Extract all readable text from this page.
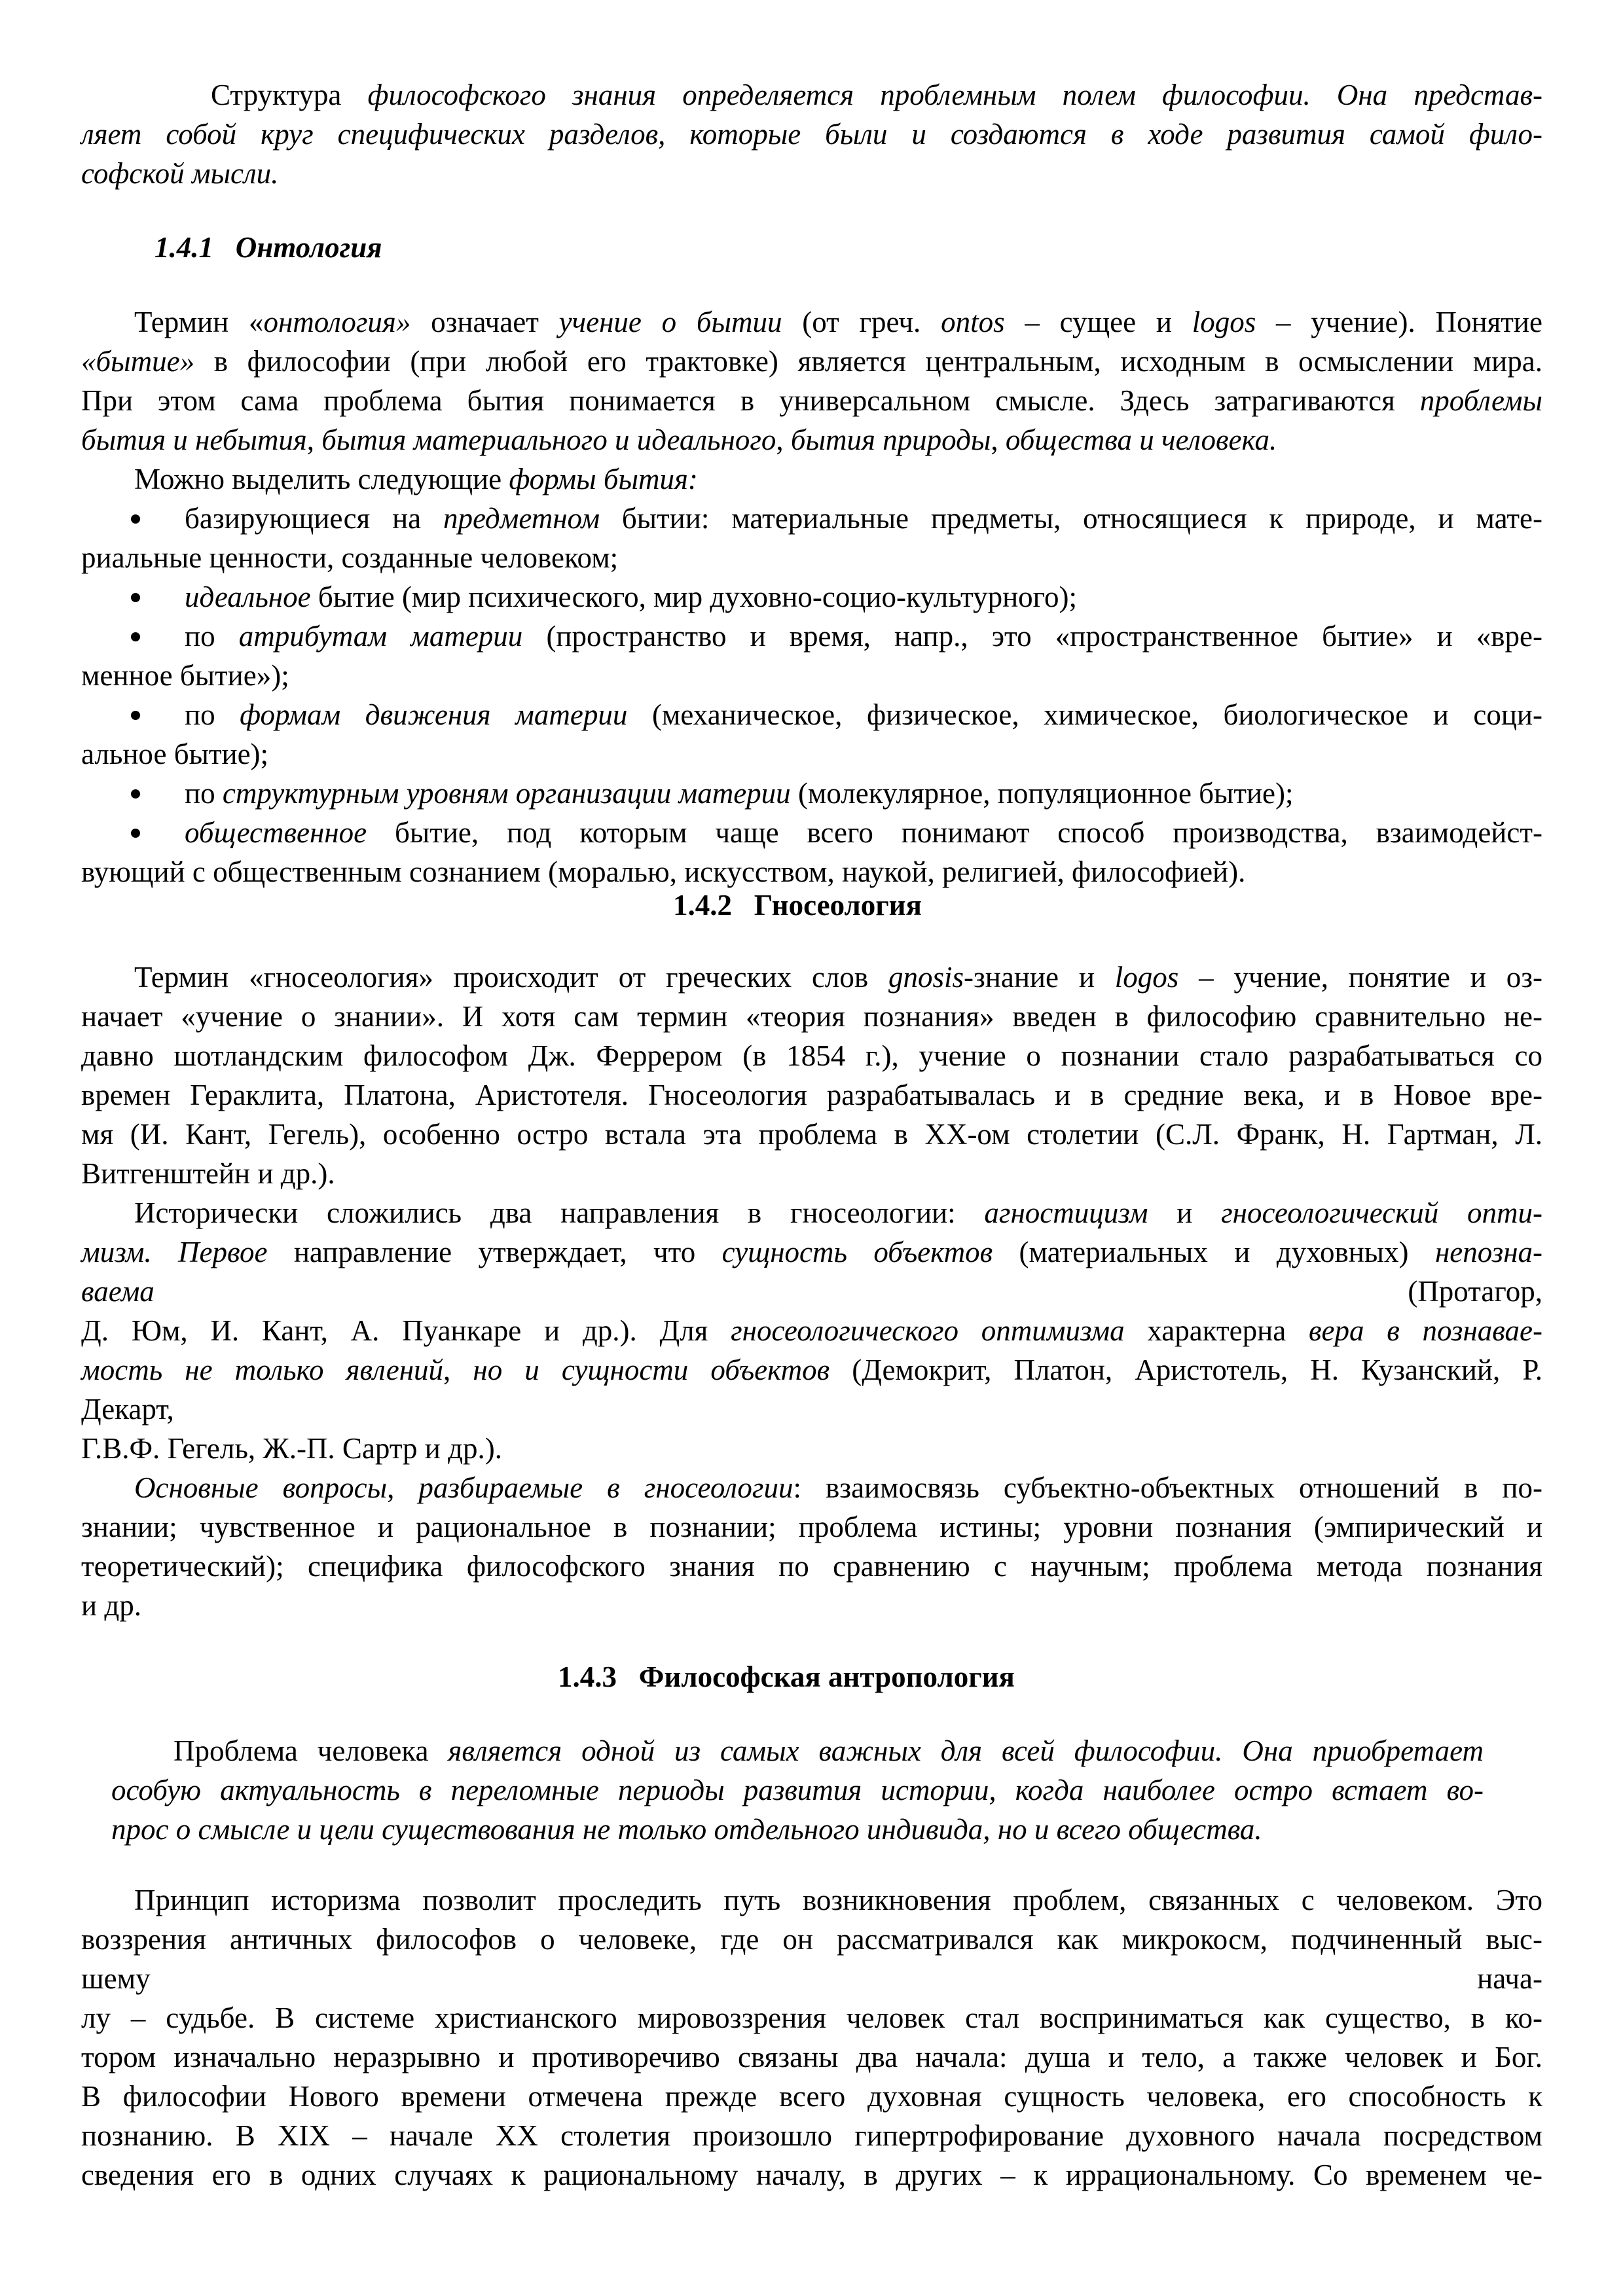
Структура философского знания определяется проблемным полем философии. Она представ-
ляет собой круг специфических разделов, которые были и создаются в ходе развития самой фило-
софской мысли.
1.4.1   Онтология
Термин «онтология» означает учение о бытии (от греч. ontos – сущее и logos – учение). Понятие
«бытие» в философии (при любой его трактовке) является центральным, исходным в осмыслении мира.
При этом сама проблема бытия понимается в универсальном смысле. Здесь затрагиваются проблемы
бытия и небытия, бытия материального и идеального, бытия природы, общества и человека.
Можно выделить следующие формы бытия:
базирующиеся на предметном бытии: материальные предметы, относящиеся к природе, и мате-
риальные ценности, созданные человеком;
идеальное бытие (мир психического, мир духовно-социо-культурного);
по атрибутам материи (пространство и время, напр., это «пространственное бытие» и «вре-
менное бытие»);
по формам движения материи (механическое, физическое, химическое, биологическое и соци-
альное бытие);
по структурным уровням организации материи (молекулярное, популяционное бытие);
общественное бытие, под которым чаще всего понимают способ производства, взаимодейст-
вующий с общественным сознанием (моралью, искусством, наукой, религией, философией).
1.4.2   Гносеология
Термин «гносеология» происходит от греческих слов gnosis-знание и logos – учение, понятие и оз-
начает «учение о знании». И хотя сам термин «теория познания» введен в философию сравнительно не-
давно шотландским философом Дж. Феррером (в 1854 г.), учение о познании стало разрабатываться со
времен Гераклита, Платона, Аристотеля. Гносеология разрабатывалась и в средние века, и в Новое вре-
мя (И. Кант, Гегель), особенно остро встала эта проблема в ХХ-ом столетии (С.Л. Франк, Н. Гартман, Л.
Витгенштейн и др.).
Исторически сложились два направления в гносеологии: агностицизм и гносеологический опти-
мизм. Первое направление утверждает, что сущность объектов (материальных и духовных) непозна-
ваема	(Протагор,
Д. Юм, И. Кант, А. Пуанкаре и др.). Для гносеологического оптимизма характерна вера в познавае-
мость не только явлений, но и сущности объектов (Демокрит, Платон, Аристотель, Н. Кузанский, Р.
Декарт,
Г.В.Ф. Гегель, Ж.-П. Сартр и др.).
Основные вопросы, разбираемые в гносеологии: взаимосвязь субъектно-объектных отношений в по-
знании; чувственное и рациональное в познании; проблема истины; уровни познания (эмпирический и
теоретический); специфика философского знания по сравнению с научным; проблема метода познания
и др.
1.4.3   Философская антропология
Проблема человека является одной из самых важных для всей философии. Она приобретает
особую актуальность в переломные периоды развития истории, когда наиболее остро встает во-
прос о смысле и цели существования не только отдельного индивида, но и всего общества.
Принцип историзма позволит проследить путь возникновения проблем, связанных с человеком. Это
воззрения античных философов о человеке, где он рассматривался как микрокосм, подчиненный выс-
шему	нача-
лу – судьбе. В системе христианского мировоззрения человек стал восприниматься как существо, в ко-
тором изначально неразрывно и противоречиво связаны два начала: душа и тело, а также человек и Бог.
В философии Нового времени отмечена прежде всего духовная сущность человека, его способность к
познанию. В XIX – начале XX столетия произошло гипертрофирование духовного начала посредством
сведения его в одних случаях к рациональному началу, в других – к иррациональному. Со временем че-
